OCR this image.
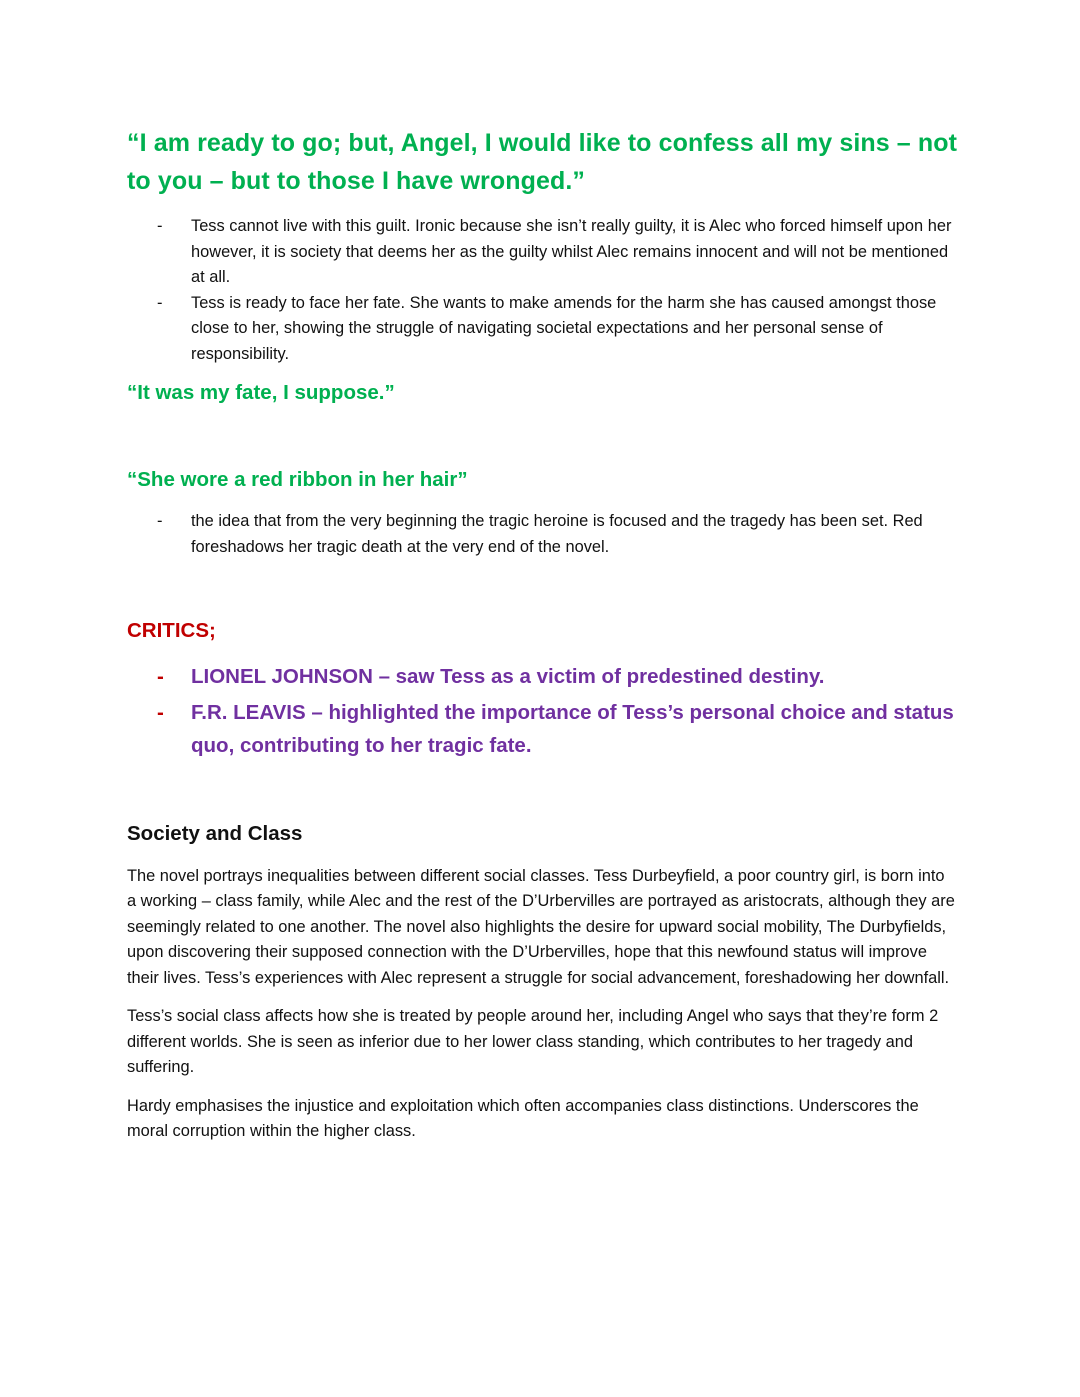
“I am ready to go; but, Angel, I would like to confess all my sins – not to you – but to those I have wronged.”

- Tess cannot live with this guilt. Ironic because she isn’t really guilty, it is Alec who forced himself upon her however, it is society that deems her as the guilty whilst Alec remains innocent and will not be mentioned at all.
- Tess is ready to face her fate. She wants to make amends for the harm she has caused amongst those close to her, showing the struggle of navigating societal expectations and her personal sense of responsibility.

“It was my fate, I suppose.”

“She wore a red ribbon in her hair”

- the idea that from the very beginning the tragic heroine is focused and the tragedy has been set. Red foreshadows her tragic death at the very end of the novel.

CRITICS;

- LIONEL JOHNSON – saw Tess as a victim of predestined destiny.
- F.R. LEAVIS – highlighted the importance of Tess’s personal choice and status quo, contributing to her tragic fate.

Society and Class

The novel portrays inequalities between different social classes. Tess Durbeyfield, a poor country girl, is born into a working – class family, while Alec and the rest of the D’Urbervilles are portrayed as aristocrats, although they are seemingly related to one another. The novel also highlights the desire for upward social mobility, The Durbyfields, upon discovering their supposed connection with the D’Urbervilles, hope that this newfound status will improve their lives. Tess’s experiences with Alec represent a struggle for social advancement, foreshadowing her downfall.

Tess’s social class affects how she is treated by people around her, including Angel who says that they’re form 2 different worlds. She is seen as inferior due to her lower class standing, which contributes to her tragedy and suffering.

Hardy emphasises the injustice and exploitation which often accompanies class distinctions. Underscores the moral corruption within the higher class.
